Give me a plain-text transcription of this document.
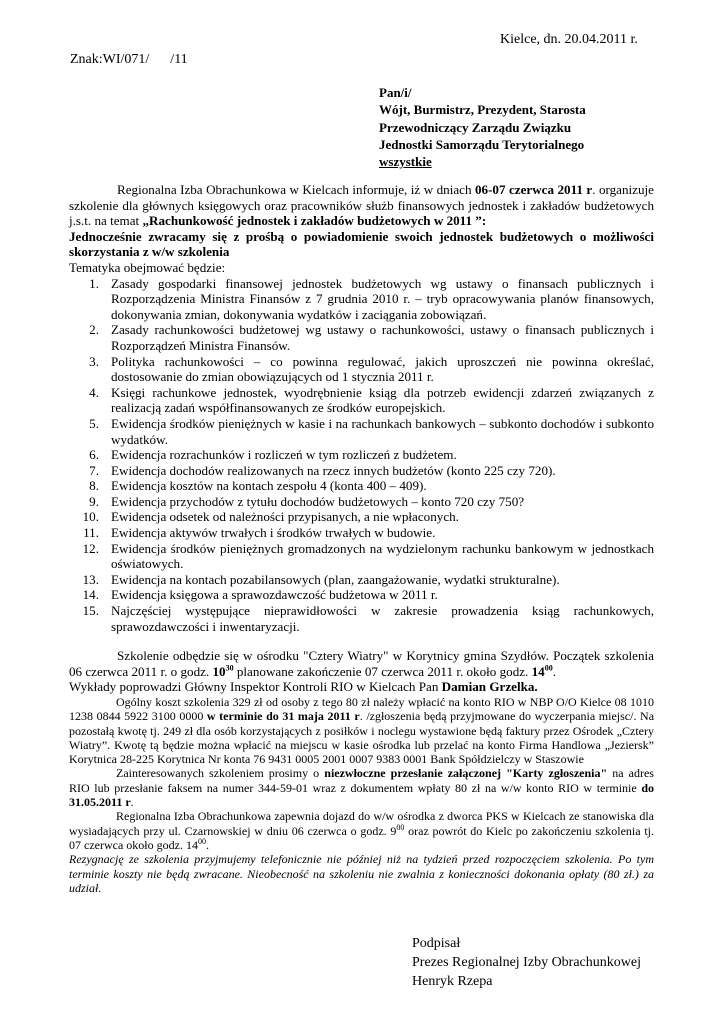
Kielce, dn. 20.04.2011 r.
Znak:WI/071/      /11
Pan/i/
Wójt, Burmistrz, Prezydent, Starosta
Przewodniczący Zarządu Związku
Jednostki Samorządu Terytorialnego
wszystkie

Regionalna Izba Obrachunkowa w Kielcach informuje, iż w dniach 06-07 czerwca 2011 r. organizuje szkolenie dla głównych księgowych oraz pracowników służb finansowych jednostek i zakładów budżetowych j.s.t. na temat „Rachunkowość jednostek i zakładów budżetowych w 2011 ”:

Jednocześnie zwracamy się z prośbą o powiadomienie swoich jednostek budżetowych o możliwości skorzystania z w/w szkolenia

Tematyka obejmować będzie:

1. Zasady gospodarki finansowej jednostek budżetowych wg ustawy o finansach publicznych i Rozporządzenia Ministra Finansów z 7 grudnia 2010 r. – tryb opracowywania planów finansowych, dokonywania zmian, dokonywania wydatków i zaciągania zobowiązań.
2. Zasady rachunkowości budżetowej wg ustawy o rachunkowości, ustawy o finansach publicznych i Rozporządzeń Ministra Finansów.
3. Polityka rachunkowości – co powinna regulować, jakich uproszczeń nie powinna określać, dostosowanie do zmian obowiązujących od 1 stycznia 2011 r.
4. Księgi rachunkowe jednostek, wyodrębnienie ksiąg dla potrzeb ewidencji zdarzeń związanych z realizacją zadań współfinansowanych ze środków europejskich.
5. Ewidencja środków pieniężnych w kasie i na rachunkach bankowych – subkonto dochodów i subkonto wydatków.
6. Ewidencja rozrachunków i rozliczeń w tym rozliczeń z budżetem.
7. Ewidencja dochodów realizowanych na rzecz innych budżetów (konto 225 czy 720).
8. Ewidencja kosztów na kontach zespołu 4 (konta 400 – 409).
9. Ewidencja przychodów z tytułu dochodów budżetowych – konto 720 czy 750?
10. Ewidencja odsetek od należności przypisanych, a nie wpłaconych.
11. Ewidencja aktywów trwałych i środków trwałych w budowie.
12. Ewidencja środków pieniężnych gromadzonych na wydzielonym rachunku bankowym w jednostkach oświatowych.
13. Ewidencja na kontach pozabilansowych (plan, zaangażowanie, wydatki strukturalne).
14. Ewidencja księgowa a sprawozdawczość budżetowa w 2011 r.
15. Najczęściej występujące nieprawidłowości w zakresie prowadzenia ksiąg rachunkowych, sprawozdawczości i inwentaryzacji.

Szkolenie odbędzie się w ośrodku "Cztery Wiatry" w Korytnicy gmina Szydłów. Początek szkolenia 06 czerwca 2011 r. o godz. $10^{30}$ planowane zakończenie 07 czerwca 2011 r. około godz. $14^{00}$.

Wykłady poprowadzi Główny Inspektor Kontroli RIO w Kielcach Pan Damian Grzelka.

Ogólny koszt szkolenia 329 zł od osoby z tego 80 zł należy wpłacić na konto RIO w NBP O/O Kielce 08 1010 1238 0844 5922 3100 0000 w terminie do 31 maja 2011 r. /zgłoszenia będą przyjmowane do wyczerpania miejsc/. Na pozostałą kwotę tj. 249 zł dla osób korzystających z posiłków i noclegu wystawione będą faktury przez Ośrodek „Cztery Wiatry”. Kwotę tą będzie można wpłacić na miejscu w kasie ośrodka lub przelać na konto Firma Handlowa „Jeziersk” Korytnica 28-225 Korytnica Nr konta 76 9431 0005 2001 0007 9383 0001 Bank Spółdzielczy w Staszowie

Zainteresowanych szkoleniem prosimy o niezwłoczne przesłanie załączonej "Karty zgłoszenia" na adres RIO lub przesłanie faksem na numer 344-59-01 wraz z dokumentem wpłaty 80 zł na w/w konto RIO w terminie do 31.05.2011 r.

Regionalna Izba Obrachunkowa zapewnia dojazd do w/w ośrodka z dworca PKS w Kielcach ze stanowiska dla wysiadających przy ul. Czarnowskiej w dniu 06 czerwca o godz. $9^{00}$ oraz powrót do Kielc po zakończeniu szkolenia tj. 07 czerwca około godz. $14^{00}$.

Rezygnację ze szkolenia przyjmujemy telefonicznie nie później niż na tydzień przed rozpoczęciem szkolenia. Po tym terminie koszty nie będą zwracane. Nieobecność na szkoleniu nie zwalnia z konieczności dokonania opłaty (80 zł.) za udział.

Podpisał
Prezes Regionalnej Izby Obrachunkowej
Henryk Rzepa
